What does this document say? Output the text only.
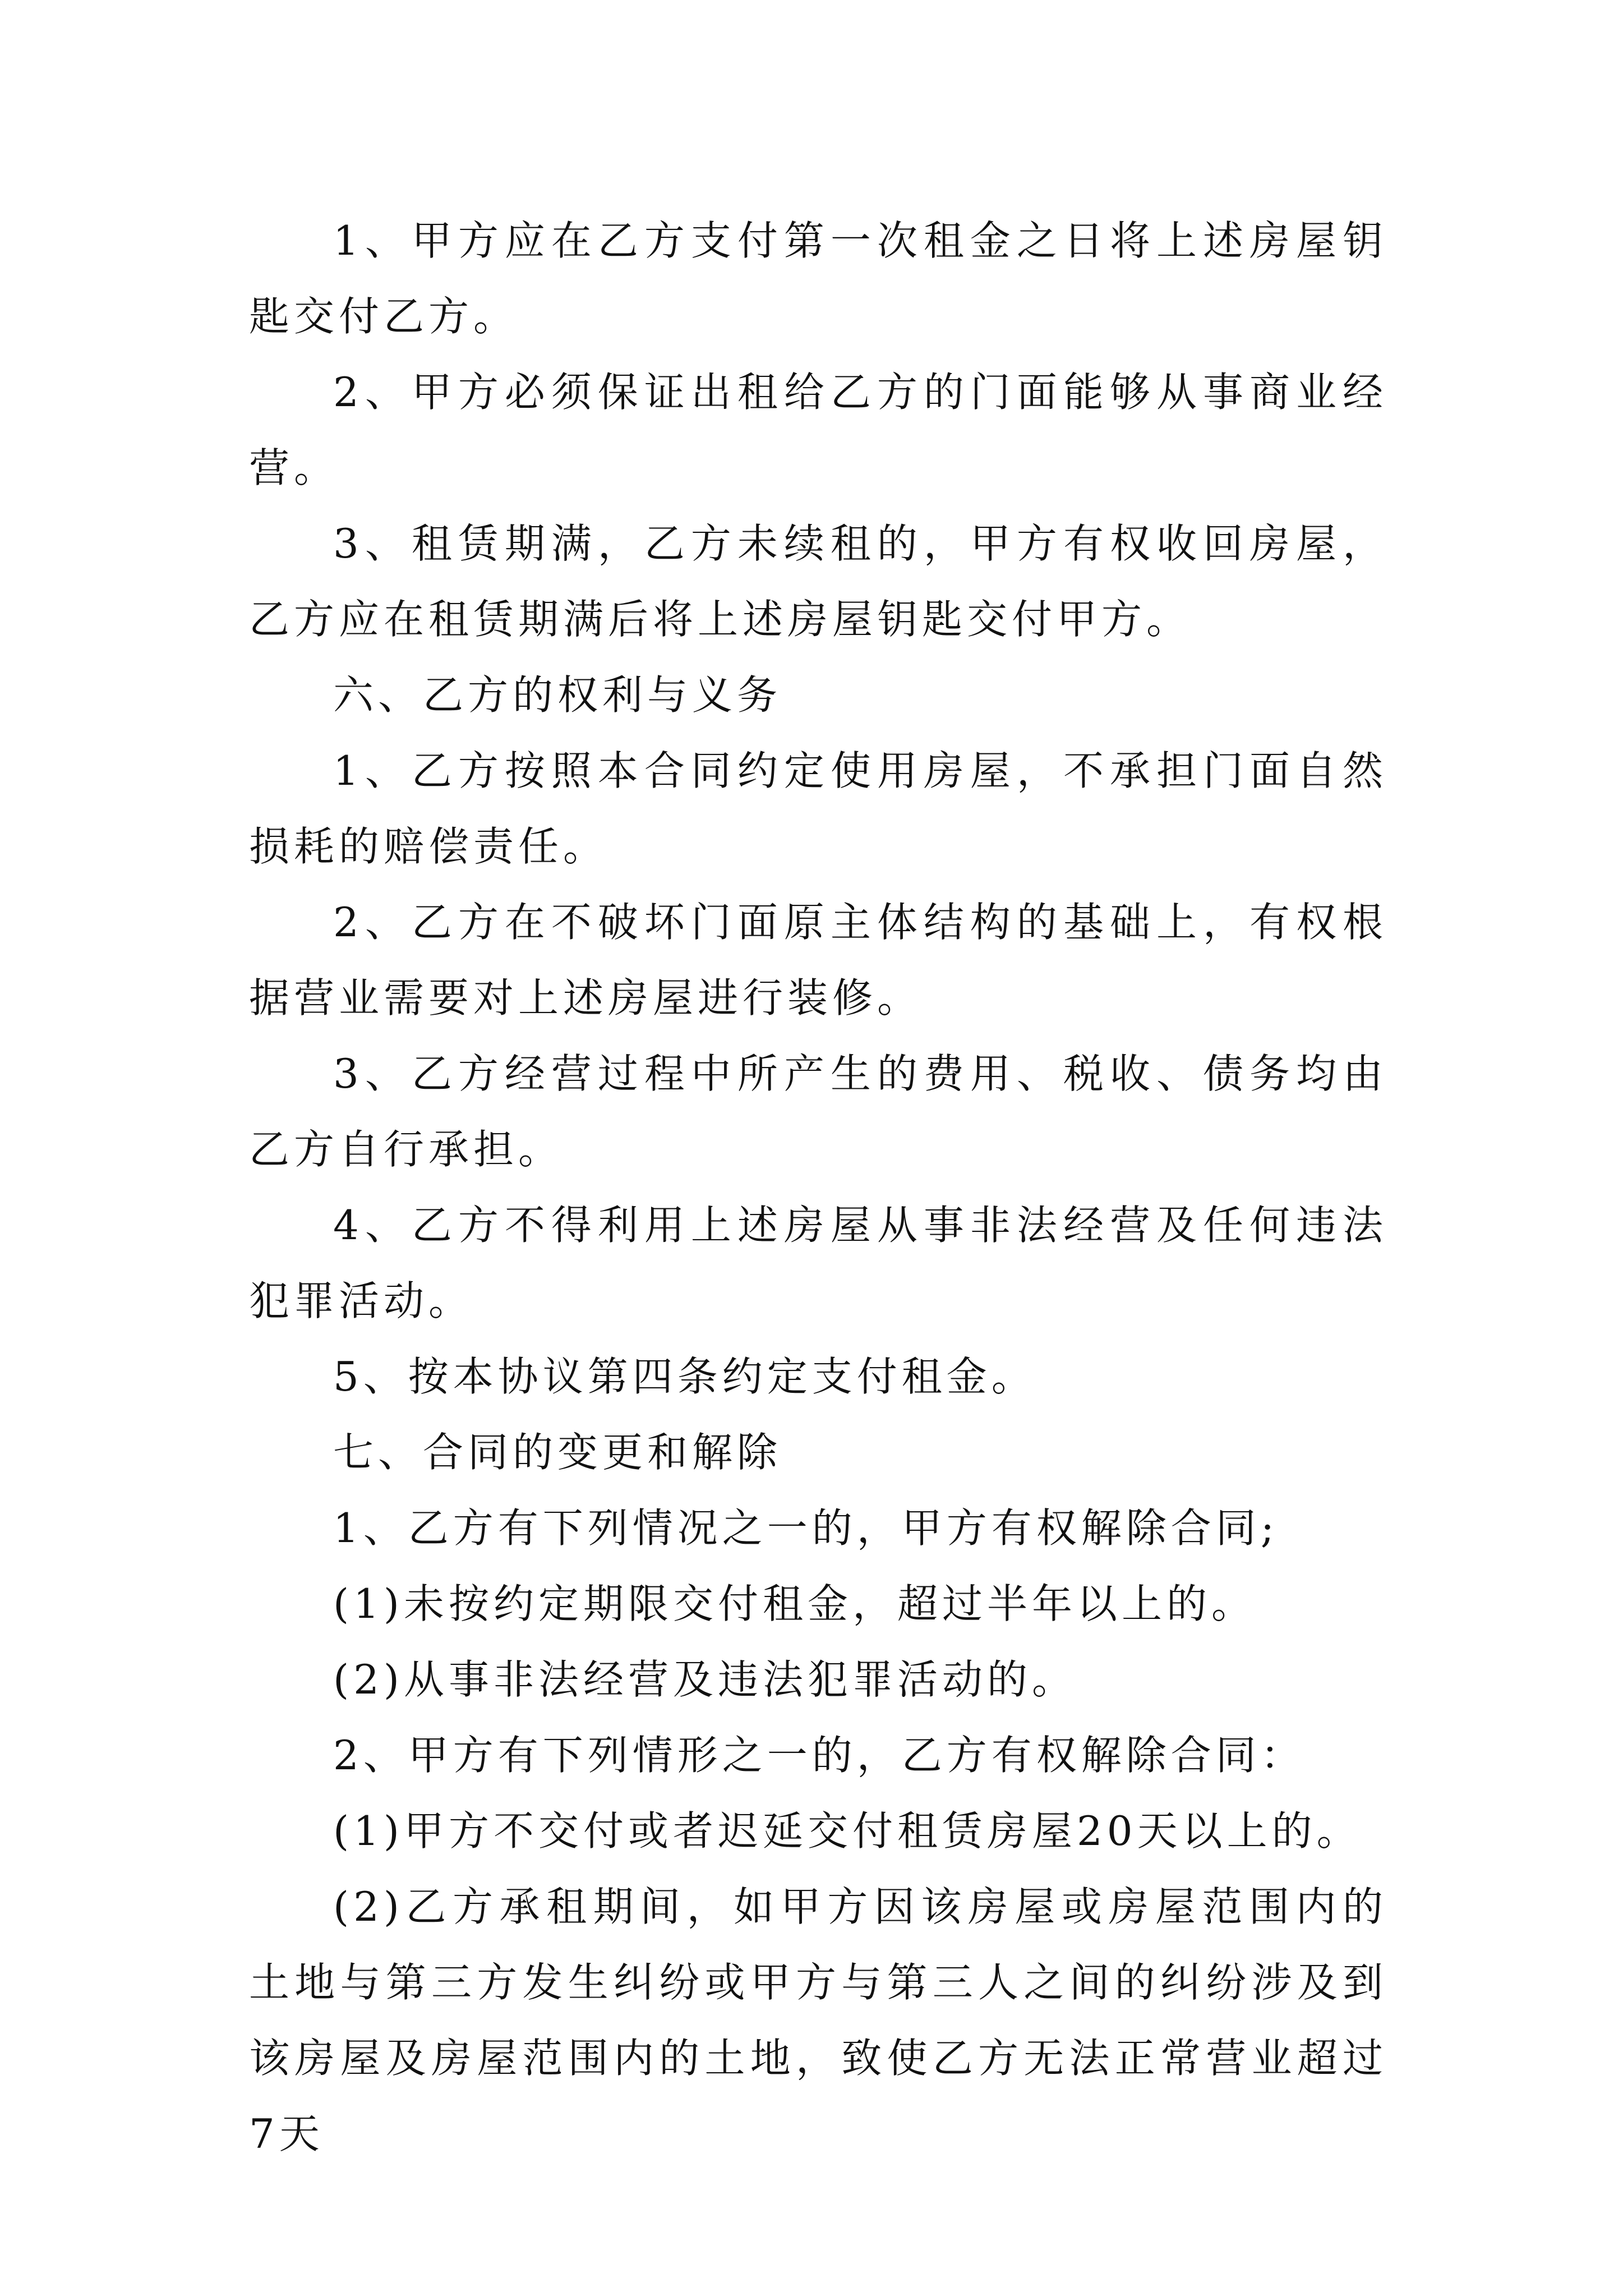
1、甲方应在乙方支付第一次租金之日将上述房屋钥匙交付乙方。

2、甲方必须保证出租给乙方的门面能够从事商业经营。

3、租赁期满，乙方未续租的，甲方有权收回房屋，乙方应在租赁期满后将上述房屋钥匙交付甲方。

六、乙方的权利与义务

1、乙方按照本合同约定使用房屋，不承担门面自然损耗的赔偿责任。

2、乙方在不破坏门面原主体结构的基础上，有权根据营业需要对上述房屋进行装修。

3、乙方经营过程中所产生的费用、税收、债务均由乙方自行承担。

4、乙方不得利用上述房屋从事非法经营及任何违法犯罪活动。

5、按本协议第四条约定支付租金。

七、合同的变更和解除

1、乙方有下列情况之一的，甲方有权解除合同;

(1)未按约定期限交付租金，超过半年以上的。

(2)从事非法经营及违法犯罪活动的。

2、甲方有下列情形之一的，乙方有权解除合同：

(1)甲方不交付或者迟延交付租赁房屋20天以上的。

(2)乙方承租期间，如甲方因该房屋或房屋范围内的土地与第三方发生纠纷或甲方与第三人之间的纠纷涉及到该房屋及房屋范围内的土地，致使乙方无法正常营业超过7天
